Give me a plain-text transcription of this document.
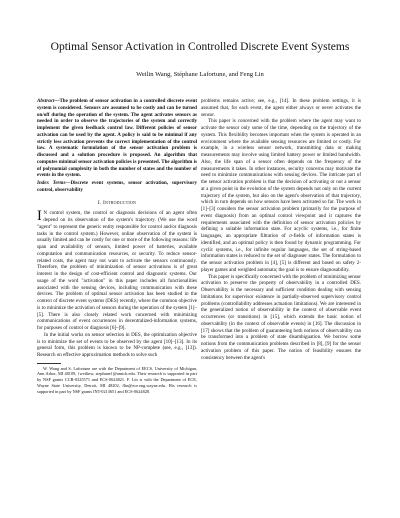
Optimal Sensor Activation in Controlled Discrete Event Systems
Weilin Wang, Stéphane Lafortune, and Feng Lin
Abstract—The problem of sensor activation in a controlled discrete event system is considered. Sensors are assumed to be costly and can be turned on/off during the operation of the system. The agent activates sensors as needed in order to observe the trajectories of the system and correctly implement the given feedback control law. Different policies of sensor activation can be used by the agent. A policy is said to be minimal if any strictly less activation prevents the correct implementation of the control law. A systematic formulation of the sensor activation problem is discussed and a solution procedure is proposed. An algorithm that computes minimal sensor activation policies is presented. The algorithm is of polynomial complexity in both the number of states and the number of events in the system.
Index Terms—Discrete event systems, sensor activation, supervisory control, observability
I. Introduction

I N control system, the control or diagnosis decisions of an agent often depend on its observation of the system's trajectory. (We use the word "agent" to represent the generic entity responsible for control and/or diagnosis tasks in the control system.) However, online observation of the system is usually limited and can be costly for one or more of the following reasons: life span and availability of sensors, limited power of batteries, available computation and communication resources, or security. To reduce sensor-related costs, the agent may not want to activate the sensors continuously. Therefore, the problem of minimization of sensor activations is of great interest in the design of cost-efficient control and diagnostic systems. Our usage of the word "activation" in this paper includes all functionalities associated with the sensing devices, including communication with these devices. The problem of optimal sensor activation has been studied in the context of discrete event systems (DES) recently, where the common objective is to minimize the activation of sensors during the operation of the system [1]–[5]. There is also closely related work concerned with minimizing communications of event occurrences in decentralized-information systems, for purposes of control or diagnosis [6]–[9].

In the initial works on sensor selection in DES, the optimization objective is to minimize the set of events to be observed by the agent [10]–[13]. In its general form, this problem is known to be NP-complete (see, e.g., [13]). Research on effective approximation methods to solve such

W. Wang and S. Lafortune are with the Department of EECS, University of Michigan, Ann Arbor, MI 48109, {weilinw, stephane}@umich.edu. Their research is supported in part by NSF grants CCR-0325571 and ECS-0624821. F. Lin is with the Department of ECE, Wayne State University, Detroit, MI 48202, flin@ece.eng.wayne.edu. His research is supported in part by NSF grants INT-0213651 and ECS-0624828.

problems remains active; see, e.g., [14]. In these problem settings, it is assumed that, for each event, the agent either always or never activates the sensor.

This paper is concerned with the problem where the agent may want to activate the sensor only some of the time, depending on the trajectory of the system. This flexibility becomes important when the system is operated in an environment where the available sensing resources are limited or costly. For example, in a wireless sensor network, transmitting data or making measurements may involve using limited battery power or limited bandwidth. Also, the life span of a sensor often depends on the frequency of the measurements it takes. In other instances, security concerns may motivate the need to minimize communications with sensing devices. The intricate part of the sensor activation problem is that the decision of activating or not a sensor at a given point in the evolution of the system depends not only on the current trajectory of the system, but also on the agent's observation of that trajectory, which in turn depends on how sensors have been activated so far. The work in [1]–[3] considers the sensor activation problem (primarily for the purpose of event diagnosis) from an optimal control viewpoint and it captures the requirements associated with the definition of sensor activation policies by defining a suitable information state. For acyclic systems, i.e., for finite languages, an appropriate filtration of σ-fields of information states is identified, and an optimal policy is then found by dynamic programming. For cyclic systems, i.e., for infinite regular languages, the set of string-based information states is reduced to the set of diagnoser states. The formulation to the sensor activation problem in [4], [5] is different and based on safety 2-player games and weighted automata; the goal is to ensure diagnosability.

This paper is specifically concerned with the problem of minimizing sensor activation to preserve the property of observability in a controlled DES. Observability is the necessary and sufficient condition dealing with sensing limitations for supervisor existence in partially-observed supervisory control problems (controllability addresses actuation limitations). We are interested in the generalized notion of observability in the context of observable event occurrences (or transitions) in [15], which extends the basic notion of observability (in the context of observable events) in [16]. The discussion in [17] shows that the problem of guaranteeing both notions of observability can be transformed into a problem of state disambiguation. We borrow some notions from the communication problems described in [8], [9] for the sensor activation problem of this paper. The notion of feasibility ensures the consistency between the agent's
